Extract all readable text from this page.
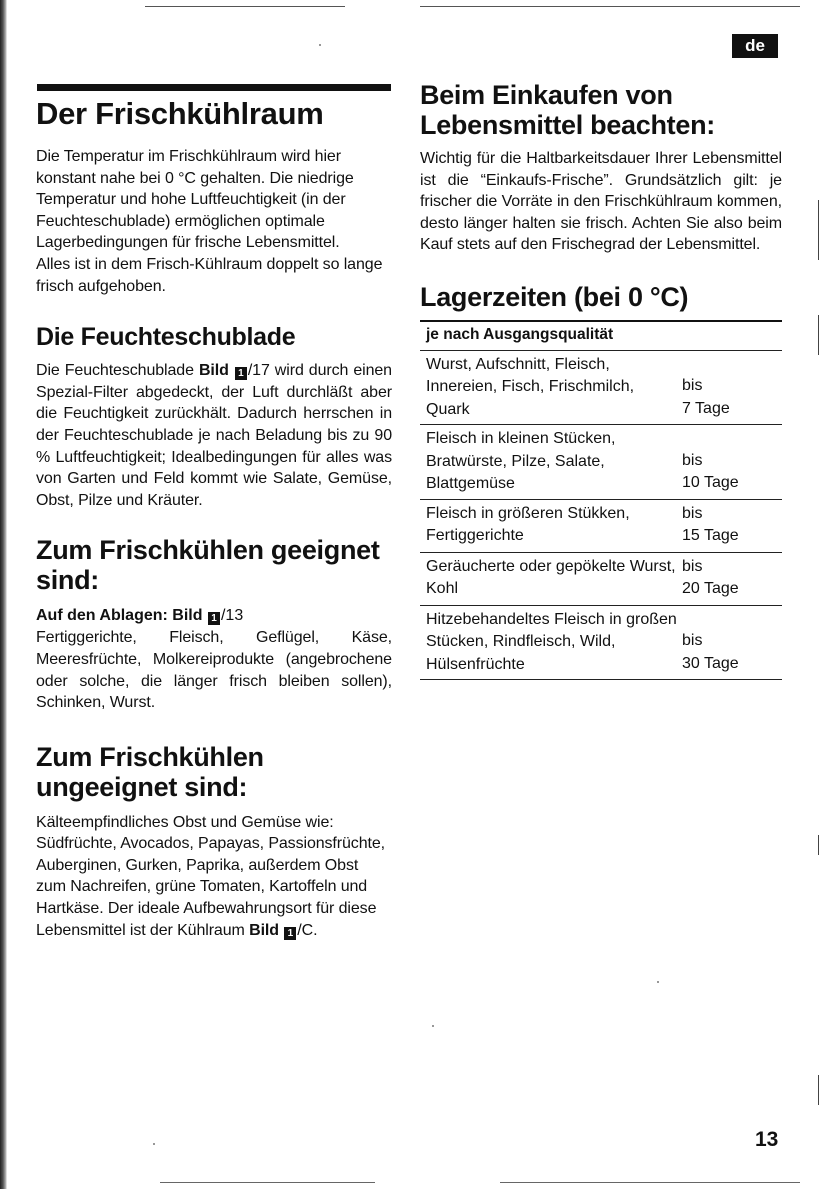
de
Der Frischkühlraum

Die Temperatur im Frischkühlraum wird hier konstant nahe bei 0 °C gehalten. Die niedrige Temperatur und hohe Luftfeuchtigkeit (in der Feuchteschublade) ermöglichen optimale Lagerbedingungen für frische Lebensmittel.
Alles ist in dem Frisch-Kühlraum doppelt so lange frisch aufgehoben.

Die Feuchteschublade

Die Feuchteschublade Bild 1 /17 wird durch einen Spezial-Filter abgedeckt, der Luft durchläßt aber die Feuchtigkeit zurückhält. Dadurch herrschen in der Feuchteschublade je nach Beladung bis zu 90 % Luftfeuchtigkeit; Idealbedingungen für alles was von Garten und Feld kommt wie Salate, Gemüse, Obst, Pilze und Kräuter.

Zum Frischkühlen geeignet sind:
Auf den Ablagen: Bild 1 /13

Fertiggerichte, Fleisch, Geflügel, Käse, Meeresfrüchte, Molkereiprodukte (angebrochene oder solche, die länger frisch bleiben sollen), Schinken, Wurst.

Zum Frischkühlen ungeeignet sind:

Kälteempfindliches Obst und Gemüse wie: Südfrüchte, Avocados, Papayas, Passionsfrüchte, Auberginen, Gurken, Paprika, außerdem Obst zum Nachreifen, grüne Tomaten, Kartoffeln und Hartkäse. Der ideale Aufbewahrungsort für diese Lebensmittel ist der Kühlraum Bild 1 /C.

Beim Einkaufen von Lebensmittel beachten:

Wichtig für die Haltbarkeitsdauer Ihrer Lebensmittel ist die “Einkaufs-Frische”. Grundsätzlich gilt: je frischer die Vorräte in den Frischkühlraum kommen, desto länger halten sie frisch. Achten Sie also beim Kauf stets auf den Frischegrad der Lebensmittel.

Lagerzeiten (bei 0 °C)
je nach Ausgangsqualität	
Wurst, Aufschnitt, Fleisch, Innereien, Fisch, Frischmilch, Quark	bis
7 Tage
Fleisch in kleinen Stücken, Bratwürste, Pilze, Salate, Blattgemüse	bis
10 Tage
Fleisch in größeren Stükken, Fertiggerichte	bis
15 Tage
Geräucherte oder gepökelte Wurst, Kohl	bis
20 Tage
Hitzebehandeltes Fleisch in großen Stücken, Rindfleisch, Wild, Hülsenfrüchte	bis
30 Tage
13
